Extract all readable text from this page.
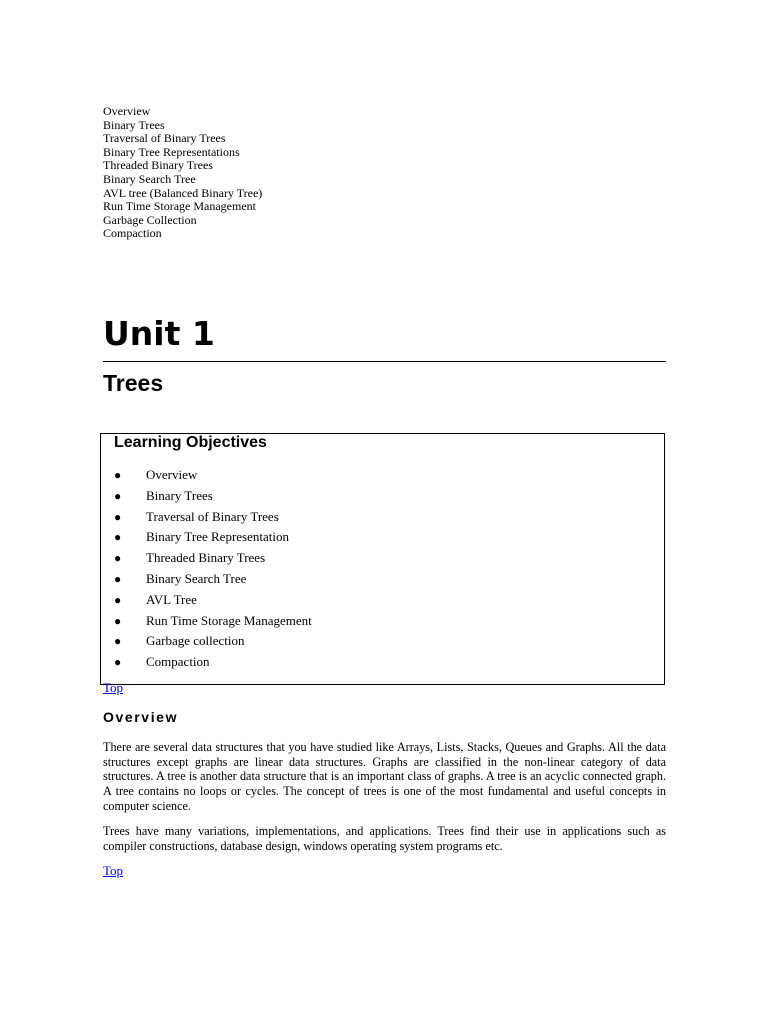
Overview
Binary Trees
Traversal of Binary Trees
Binary Tree Representations
Threaded Binary Trees
Binary Search Tree
AVL tree (Balanced Binary Tree)
Run Time Storage Management
Garbage Collection
Compaction
Unit 1
Trees
Learning Objectives
● Overview
● Binary Trees
● Traversal of Binary Trees
● Binary Tree Representation
● Threaded Binary Trees
● Binary Search Tree
● AVL Tree
● Run Time Storage Management
● Garbage collection
● Compaction
Top
Overview

There are several data structures that you have studied like Arrays, Lists, Stacks, Queues and Graphs. All the data structures except graphs are linear data structures. Graphs are classified in the non-linear category of data structures. A tree is another data structure that is an important class of graphs. A tree is an acyclic connected graph. A tree contains no loops or cycles. The concept of trees is one of the most fundamental and useful concepts in computer science.

Trees have many variations, implementations, and applications. Trees find their use in applications such as compiler constructions, database design, windows operating system programs etc.

Top
